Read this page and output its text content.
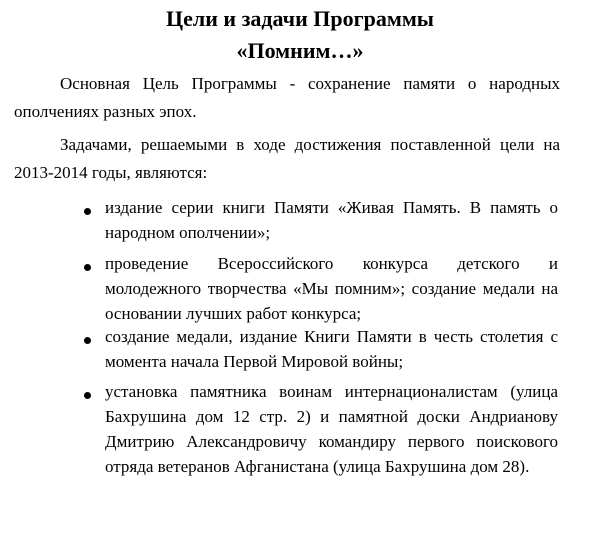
Цели и задачи Программы
«Помним…»

Основная Цель Программы - сохранение памяти о народных ополчениях разных эпох.

Задачами, решаемыми в ходе достижения поставленной цели на 2013-2014 годы, являются:

издание серии книги Памяти «Живая Память. В память о народном ополчении»;

проведение Всероссийского конкурса детского и молодежного творчества «Мы помним»; создание медали на основании лучших работ конкурса;

создание медали, издание Книги Памяти в честь столетия с момента начала Первой Мировой войны;

установка памятника воинам интернационалистам (улица Бахрушина дом 12 стр. 2) и памятной доски Андрианову Дмитрию Александровичу командиру первого поискового отряда ветеранов Афганистана (улица Бахрушина дом 28).
